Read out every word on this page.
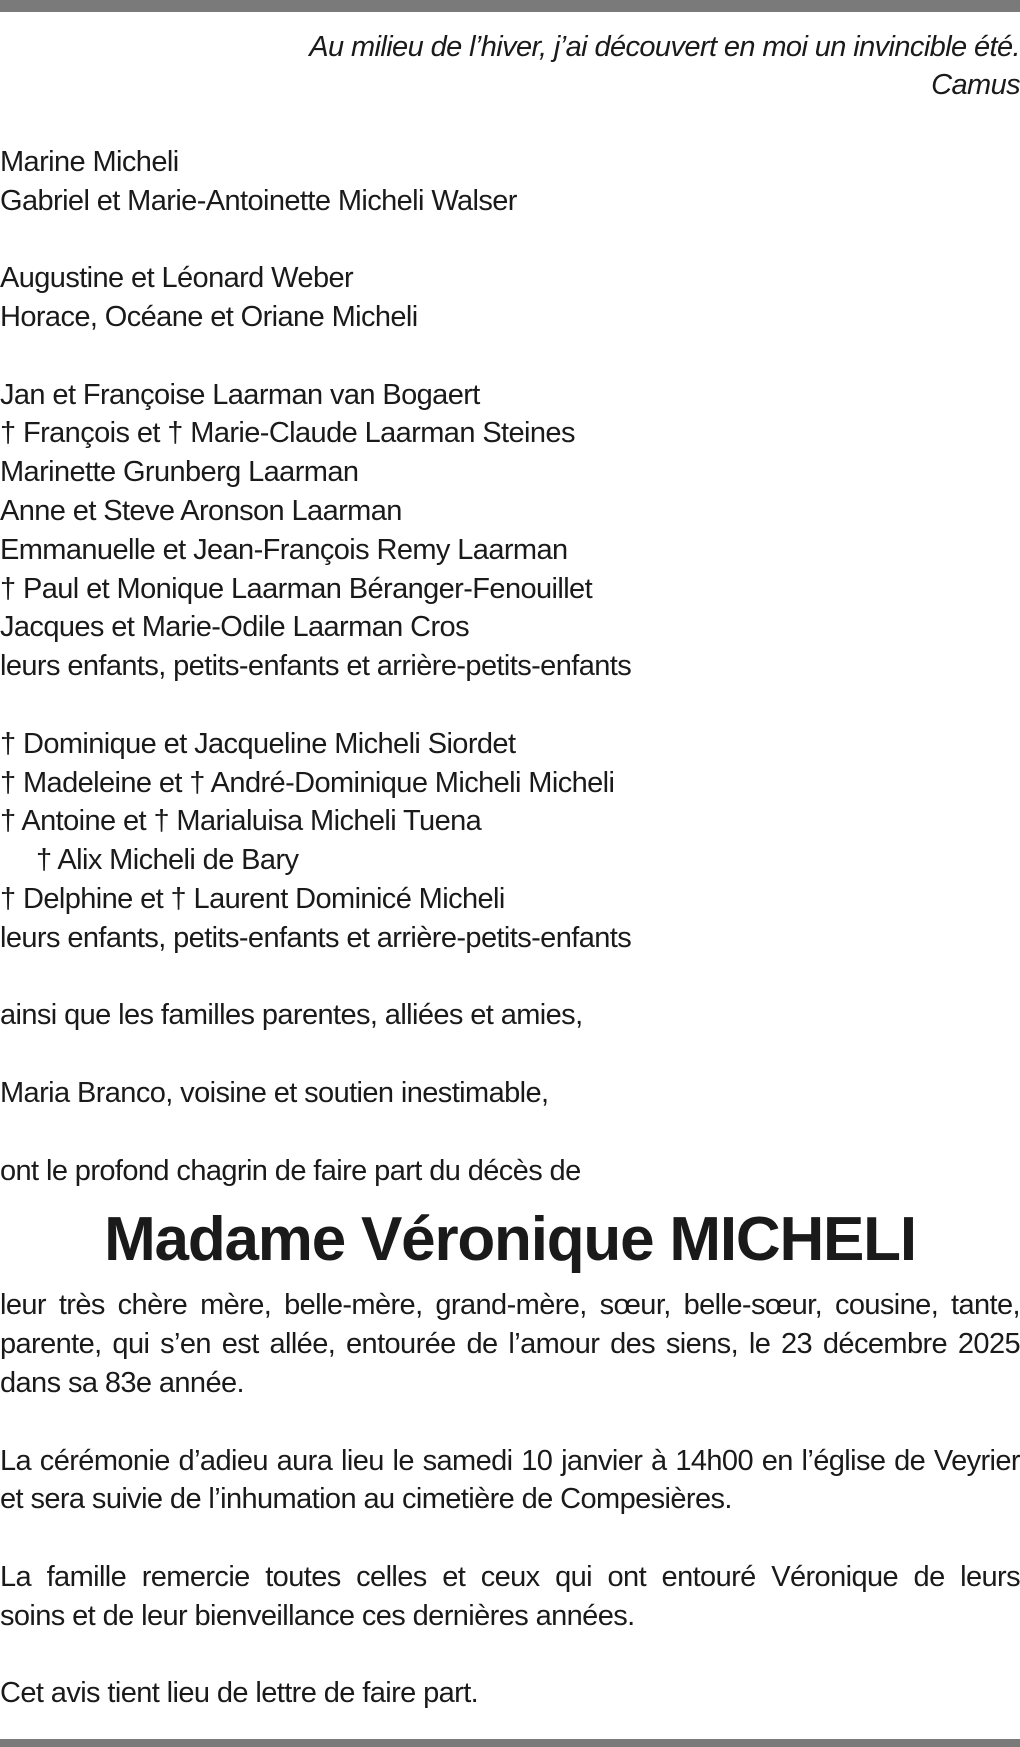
Au milieu de l’hiver, j’ai découvert en moi un invincible été.
Camus
Marine Micheli
Gabriel et Marie-Antoinette Micheli Walser
Augustine et Léonard Weber
Horace, Océane et Oriane Micheli
Jan et Françoise Laarman van Bogaert
† François et † Marie-Claude Laarman Steines
Marinette Grunberg Laarman
Anne et Steve Aronson Laarman
Emmanuelle et Jean-François Remy Laarman
† Paul et Monique Laarman Béranger-Fenouillet
Jacques et Marie-Odile Laarman Cros
leurs enfants, petits-enfants et arrière-petits-enfants
† Dominique et Jacqueline Micheli Siordet
† Madeleine et † André-Dominique Micheli Micheli
† Antoine et † Marialuisa Micheli Tuena
† Alix Micheli de Bary
† Delphine et † Laurent Dominicé Micheli
leurs enfants, petits-enfants et arrière-petits-enfants
ainsi que les familles parentes, alliées et amies,
Maria Branco, voisine et soutien inestimable,
ont le profond chagrin de faire part du décès de
Madame Véronique MICHELI
leur très chère mère, belle-mère, grand-mère, sœur, belle-sœur, cousine, tante,
parente, qui s’en est allée, entourée de l’amour des siens, le 23 décembre 2025
dans sa 83e année.
La cérémonie d’adieu aura lieu le samedi 10 janvier à 14h00 en l’église de Veyrier
et sera suivie de l’inhumation au cimetière de Compesières.
La famille remercie toutes celles et ceux qui ont entouré Véronique de leurs
soins et de leur bienveillance ces dernières années.
Cet avis tient lieu de lettre de faire part.
